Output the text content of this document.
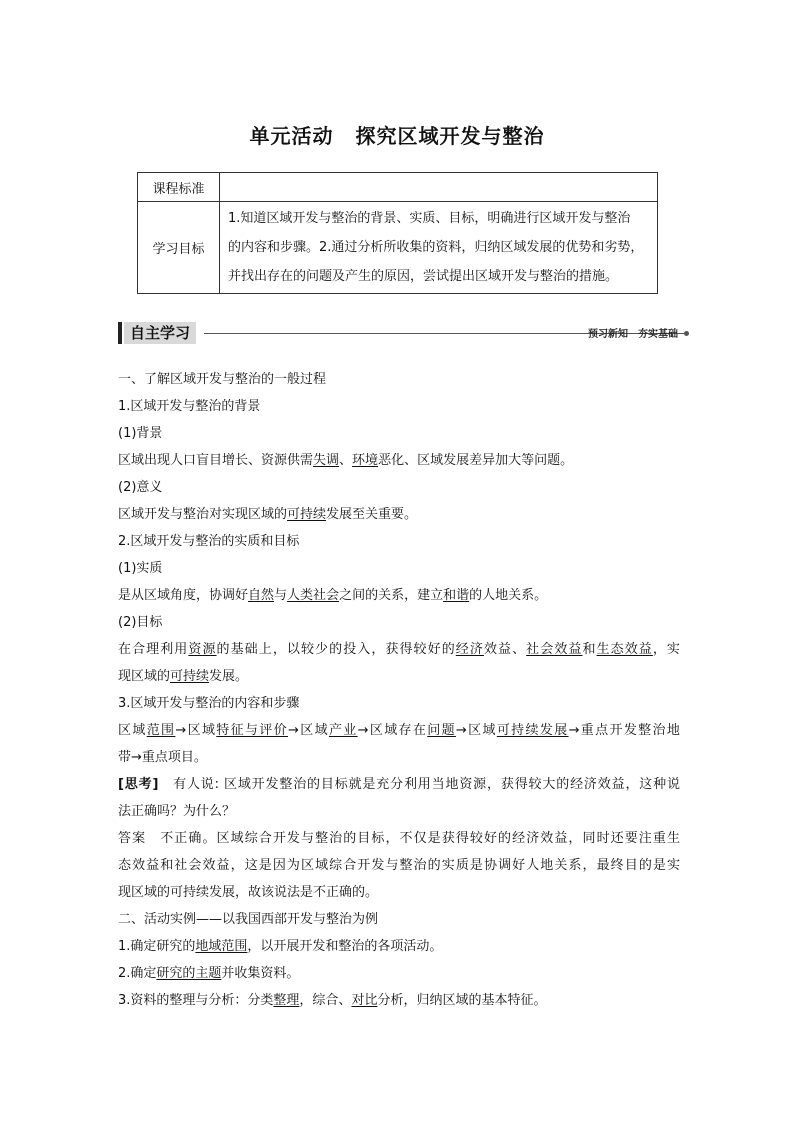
单元活动 探究区域开发与整治
课程标准	
学习目标	1.知道区域开发与整治的背景、实质、目标，明确进行区域开发与整治
的内容和步骤。2.通过分析所收集的资料，归纳区域发展的优势和劣势，
并找出存在的问题及产生的原因，尝试提出区域开发与整治的措施。
自主学习	预习新知　夯实基础
一、了解区域开发与整治的一般过程
1.区域开发与整治的背景
(1)背景
区域出现人口盲目增长、资源供需失调、环境恶化、区域发展差异加大等问题。
(2)意义
区域开发与整治对实现区域的可持续发展至关重要。
2.区域开发与整治的实质和目标
(1)实质
是从区域角度，协调好自然与人类社会之间的关系，建立和谐的人地关系。
(2)目标
在合理利用资源的基础上，以较少的投入，获得较好的经济效益、社会效益和生态效益，实
现区域的可持续发展。
3.区域开发与整治的内容和步骤
区域范围→区域特征与评价→区域产业→区域存在问题→区域可持续发展→重点开发整治地
带→重点项目。
[思考]　 有人说: 区域开发整治的目标就是充分利用当地资源，获得较大的经济效益，这种说
法正确吗？为什么？
答案　 不正确。区域综合开发与整治的目标，不仅是获得较好的经济效益，同时还要注重生
态效益和社会效益，这是因为区域综合开发与整治的实质是协调好人地关系，最终目的是实
现区域的可持续发展，故该说法是不正确的。
二、活动实例——以我国西部开发与整治为例
1.确定研究的地域范围，以开展开发和整治的各项活动。
2.确定研究的主题并收集资料。
3.资料的整理与分析：分类整理，综合、对比分析，归纳区域的基本特征。
